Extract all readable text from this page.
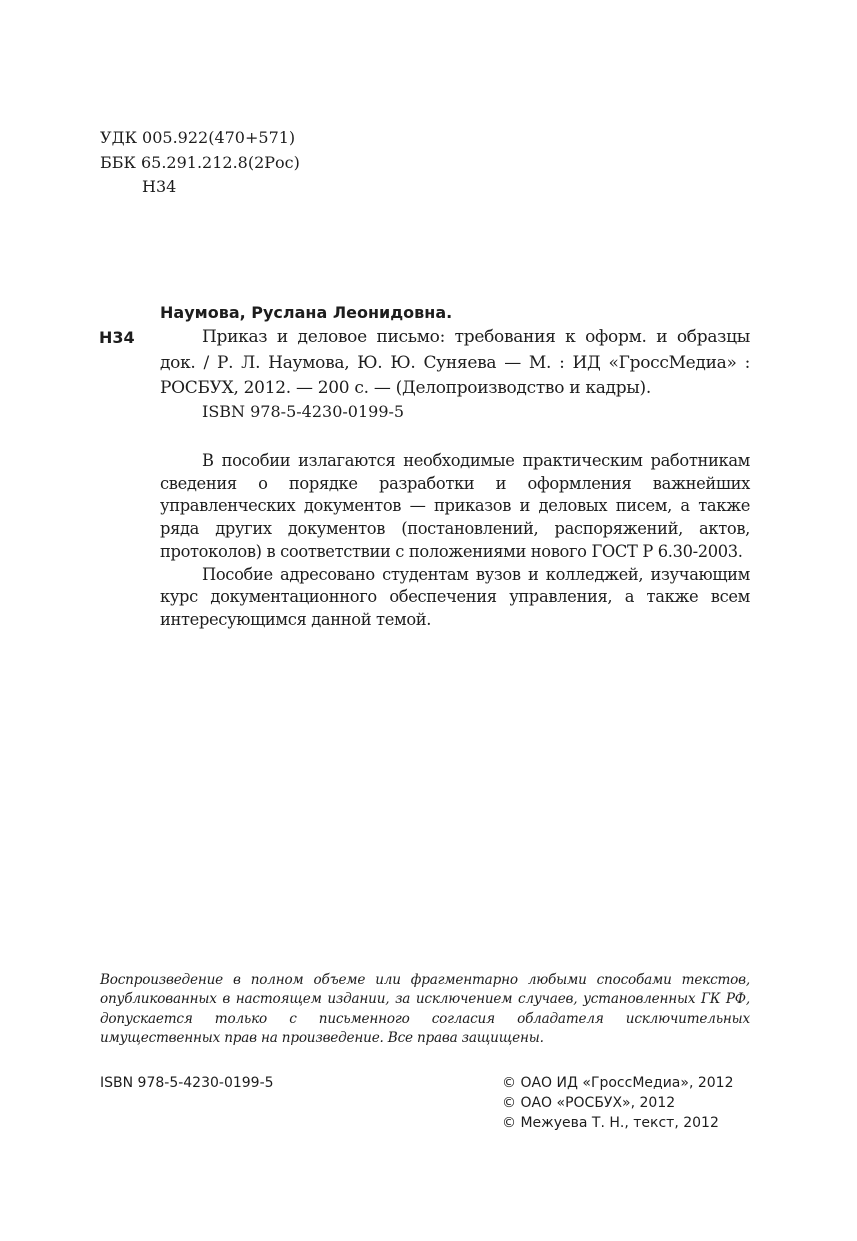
УДК 005.922(470+571)
ББК 65.291.212.8(2Рос)
Н34
Наумова, Руслана Леонидовна.
Н34	Приказ и деловое письмо: требования к оформ. и образцы док. / Р. Л. Наумова, Ю. Ю. Суняева — М. : ИД «ГроссМедиа» : РОСБУХ, 2012. — 200 с. — (Делопроизводство и кадры).

ISBN 978-5-4230-0199-5

В пособии излагаются необходимые практическим работникам сведения о порядке разработки и оформления важнейших управленческих документов — приказов и деловых писем, а также ряда других документов (постановлений, распоряжений, актов, протоколов) в соответствии с положениями нового ГОСТ Р 6.30-2003.

Пособие адресовано студентам вузов и колледжей, изучающим курс документационного обеспечения управления, а также всем интересующимся данной темой.

Воспроизведение в полном объеме или фрагментарно любыми способами текстов, опубликованных в настоящем издании, за исключением случаев, установленных ГК РФ, допускается только с письменного согласия обладателя исключительных имущественных прав на произведение. Все права защищены.

ISBN 978-5-4230-0199-5	© ОАО ИД «ГроссМедиа», 2012
© ОАО «РОСБУХ», 2012
© Межуева Т. Н., текст, 2012
